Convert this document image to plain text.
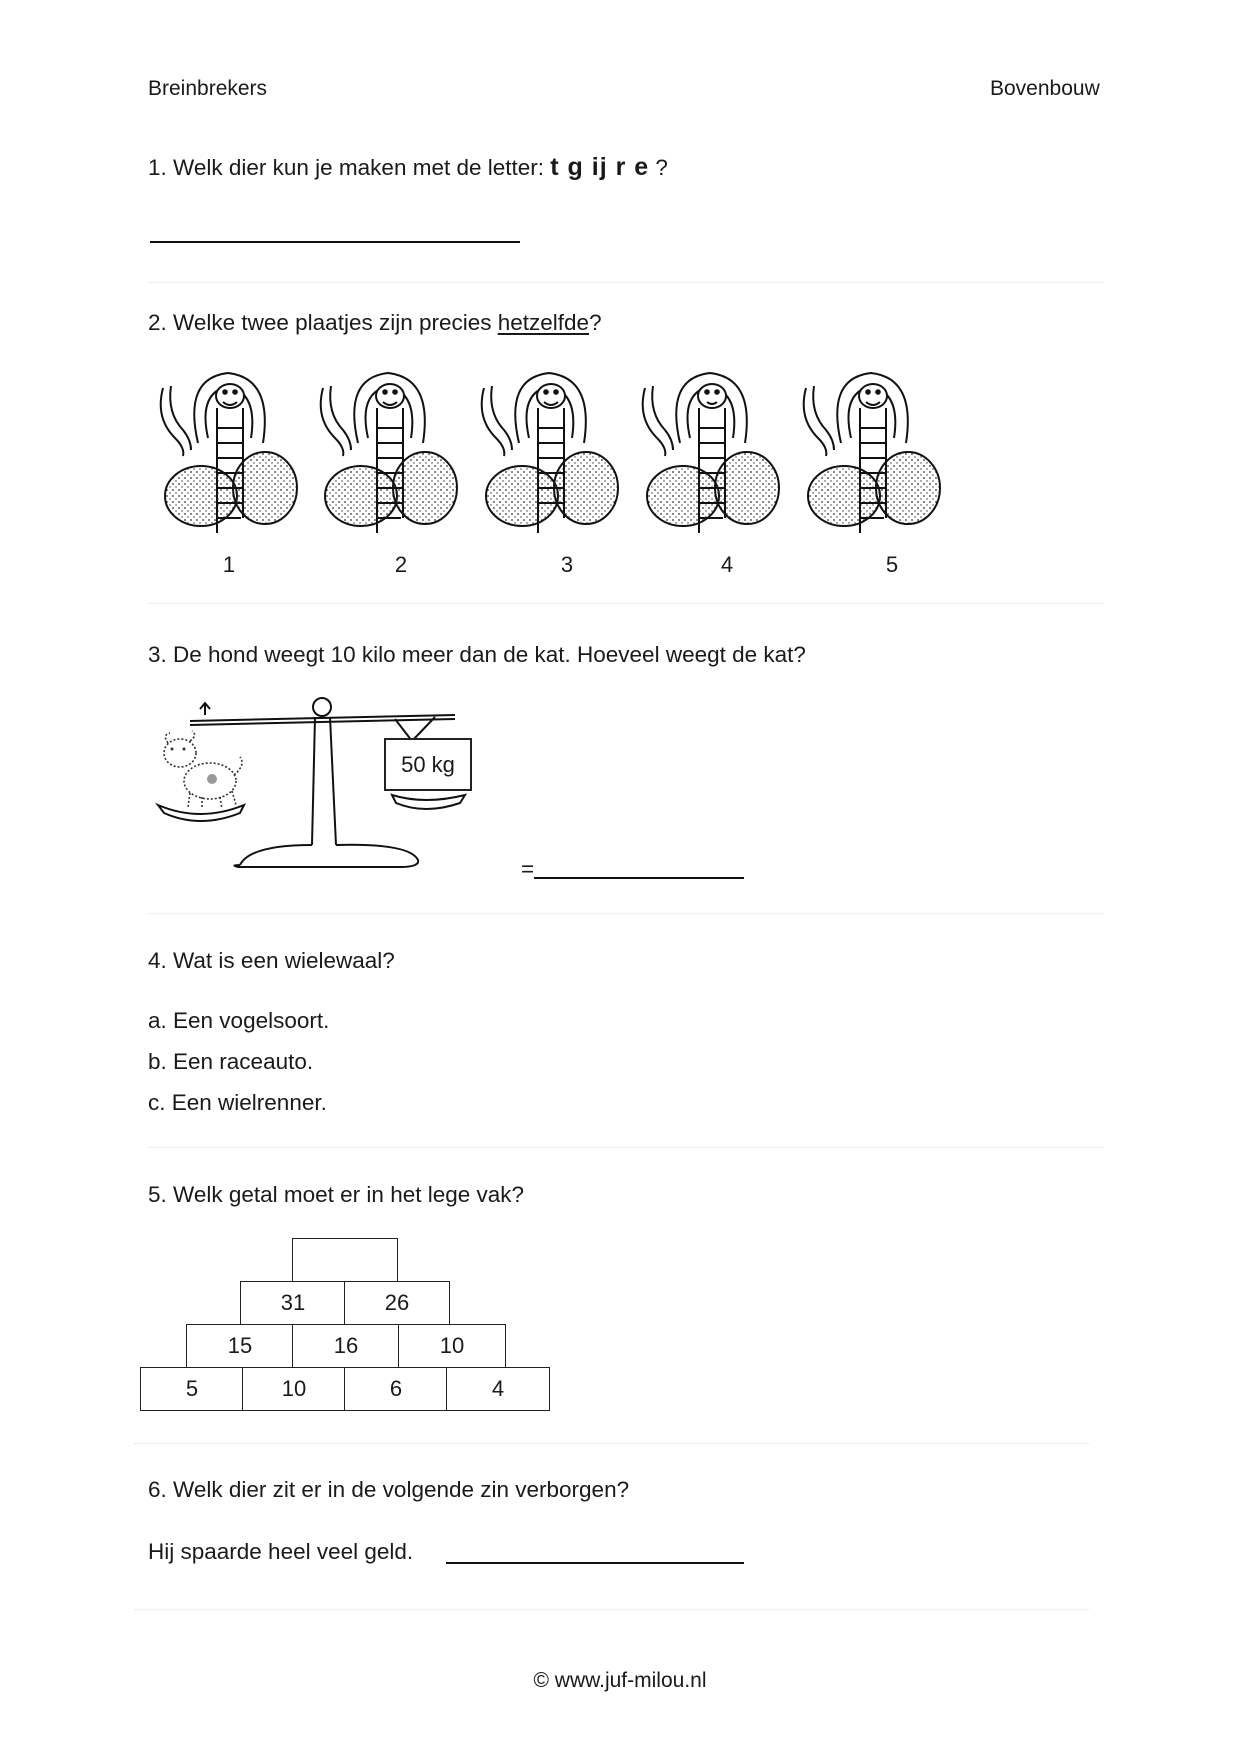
Breinbrekers	Bovenbouw
1. Welk dier kun je maken met de letter: t g ij r e ?
2. Welke twee plaatjes zijn precies hetzelfde?
1	2	3	4	5
3. De hond weegt 10 kilo meer dan de kat. Hoeveel weegt de kat?
50 kg
=
4. Wat is een wielewaal?
a. Een vogelsoort.
b. Een raceauto.
c. Een wielrenner.
5. Welk getal moet er in het lege vak?
31	26
15	16	10
5	10	6	4
6. Welk dier zit er in de volgende zin verborgen?
Hij spaarde heel veel geld.
© www.juf-milou.nl
